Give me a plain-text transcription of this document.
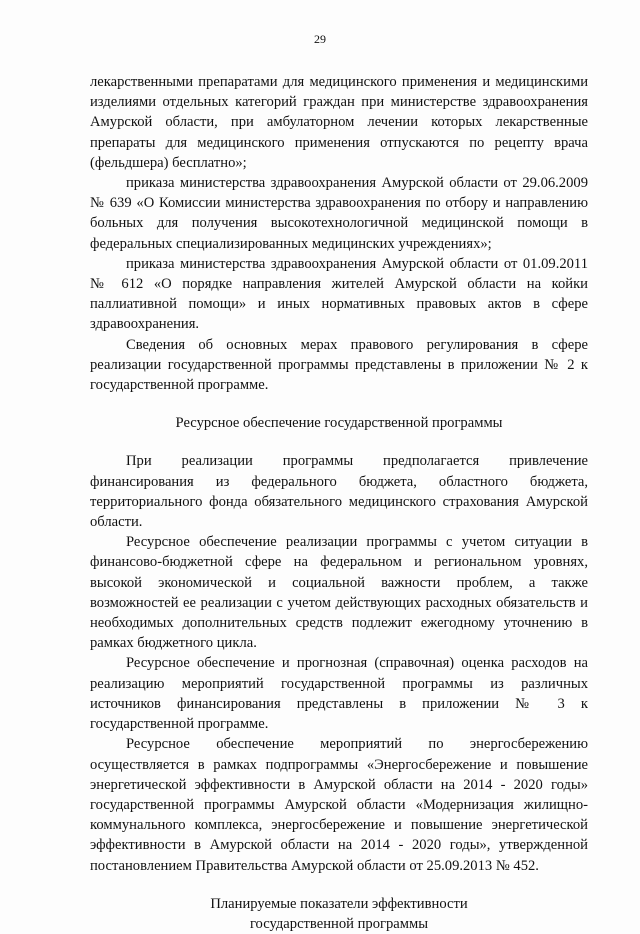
29

лекарственными препаратами для медицинского применения и медицинскими изделиями отдельных категорий граждан при министерстве здравоохранения Амурской области, при амбулаторном лечении которых лекарственные препараты для медицинского применения отпускаются по рецепту врача (фельдшера) бесплатно»;

приказа министерства здравоохранения Амурской области от 29.06.2009 № 639 «О Комиссии министерства здравоохранения по отбору и направлению больных для получения высокотехнологичной медицинской помощи в федеральных специализированных медицинских учреждениях»;

приказа министерства здравоохранения Амурской области от 01.09.2011 № 612 «О порядке направления жителей Амурской области на койки паллиативной помощи» и иных нормативных правовых актов в сфере здравоохранения.

Сведения об основных мерах правового регулирования в сфере реализации государственной программы представлены в приложении № 2 к государственной программе.

Ресурсное обеспечение государственной программы

При реализации программы предполагается привлечение финансирования из федерального бюджета, областного бюджета, территориального фонда обязательного медицинского страхования Амурской области.

Ресурсное обеспечение реализации программы с учетом ситуации в финансово-бюджетной сфере на федеральном и региональном уровнях, высокой экономической и социальной важности проблем, а также возможностей ее реализации с учетом действующих расходных обязательств и необходимых дополнительных средств подлежит ежегодному уточнению в рамках бюджетного цикла.

Ресурсное обеспечение и прогнозная (справочная) оценка расходов на реализацию мероприятий государственной программы из различных источников финансирования представлены в приложении № 3 к государственной программе.

Ресурсное обеспечение мероприятий по энергосбережению осуществляется в рамках подпрограммы «Энергосбережение и повышение энергетической эффективности в Амурской области на 2014 - 2020 годы» государственной программы Амурской области «Модернизация жилищно-коммунального комплекса, энергосбережение и повышение энергетической эффективности в Амурской области на 2014 - 2020 годы», утвержденной постановлением Правительства Амурской области от 25.09.2013 № 452.

Планируемые показатели эффективности
государственной программы
